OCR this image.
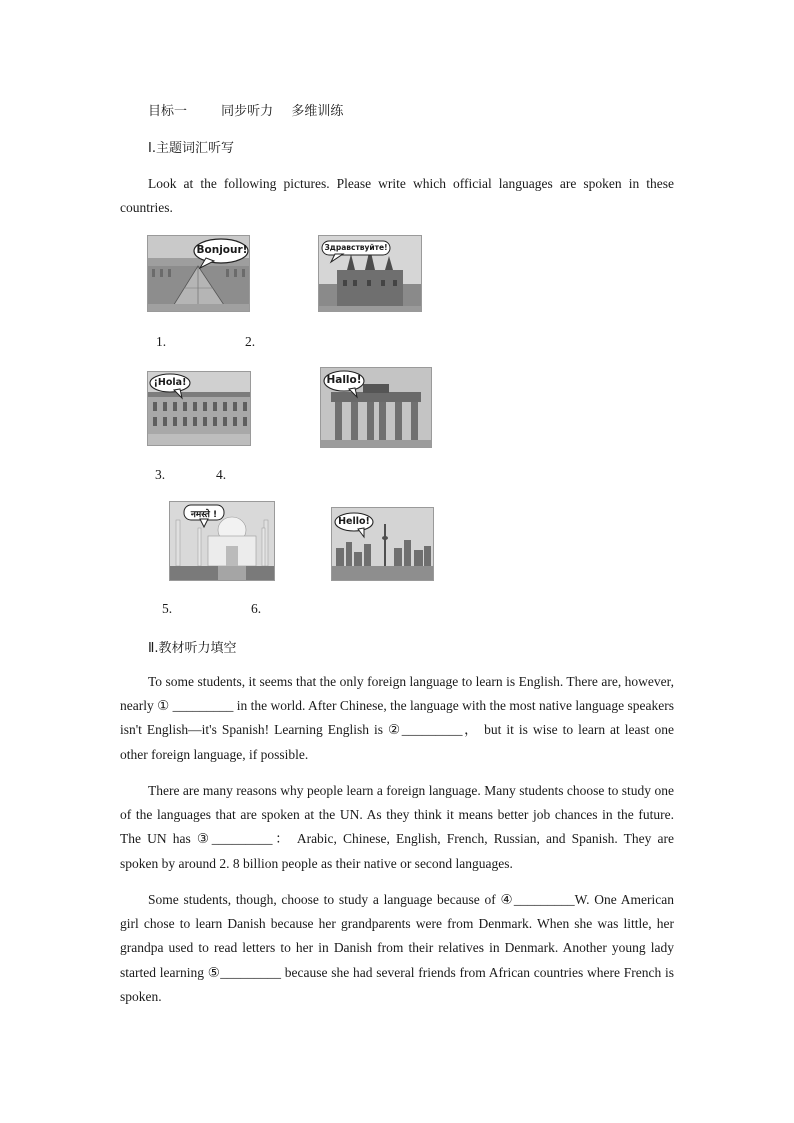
目标一	同步听力 多维训练
Ⅰ.主题词汇听写
Look at the following pictures. Please write which official languages are spoken in these countries.
Bonjour!	Здравствуйте!
1.	2.
¡Hola!	Hallo!
3.	4.
नमस्ते !
Hello!
5.	6.
Ⅱ.教材听力填空
To some students, it seems that the only foreign language to learn is English. There are, however, nearly ① _________ in the world. After Chinese, the language with the most native language speakers isn't English—it's Spanish! Learning English is ②_________， but it is wise to learn at least one other foreign language, if possible.
There are many reasons why people learn a foreign language. Many students choose to study one of the languages that are spoken at the UN. As they think it means better job chances in the future. The UN has ③_________： Arabic, Chinese, English, French, Russian, and Spanish. They are spoken by around 2. 8 billion people as their native or second languages.
Some students, though, choose to study a language because of ④_________W. One American girl chose to learn Danish because her grandparents were from Denmark. When she was little, her grandpa used to read letters to her in Danish from their relatives in Denmark. Another young lady started learning ⑤_________ because she had several friends from African countries where French is spoken.
